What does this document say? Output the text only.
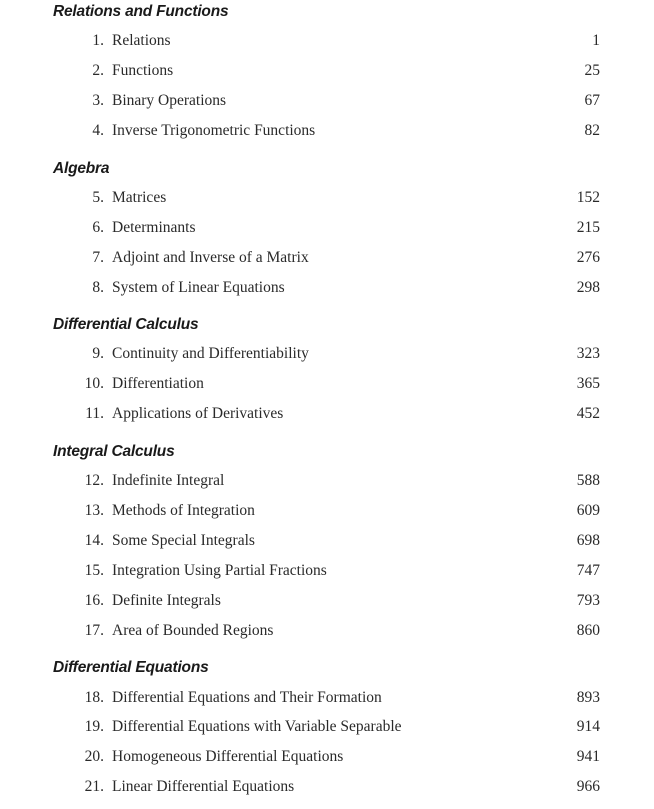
Relations and Functions
1. Relations	1
2. Functions	25
3. Binary Operations	67
4. Inverse Trigonometric Functions	82
Algebra
5. Matrices	152
6. Determinants	215
7. Adjoint and Inverse of a Matrix	276
8. System of Linear Equations	298
Differential Calculus
9. Continuity and Differentiability	323
10. Differentiation	365
11. Applications of Derivatives	452
Integral Calculus
12. Indefinite Integral	588
13. Methods of Integration	609
14. Some Special Integrals	698
15. Integration Using Partial Fractions	747
16. Definite Integrals	793
17. Area of Bounded Regions	860
Differential Equations
18. Differential Equations and Their Formation	893
19. Differential Equations with Variable Separable	914
20. Homogeneous Differential Equations	941
21. Linear Differential Equations	966
